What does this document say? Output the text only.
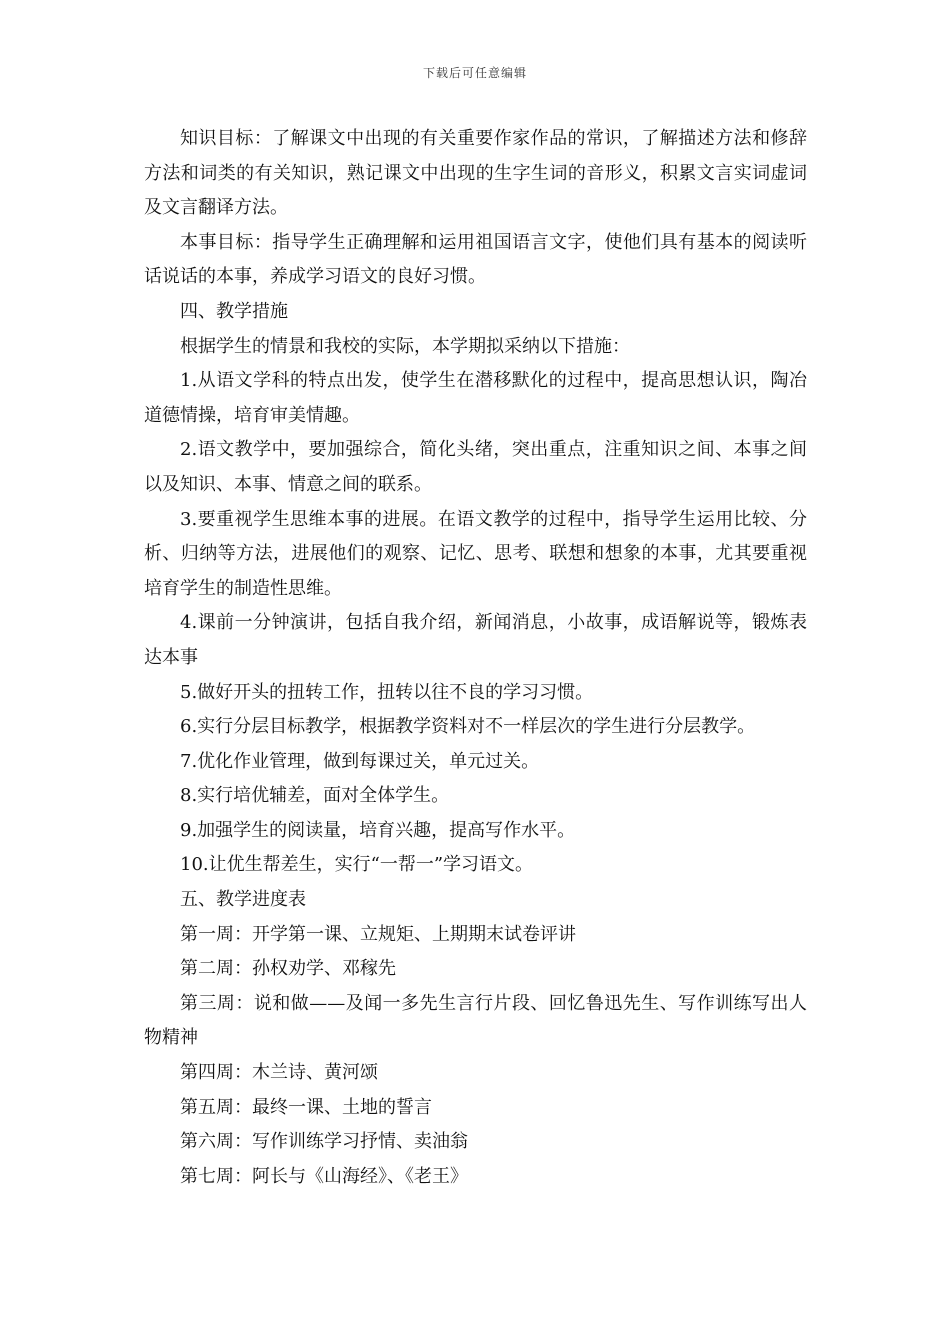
下载后可任意编辑

知识目标：了解课文中出现的有关重要作家作品的常识，了解描述方法和修辞方法和词类的有关知识，熟记课文中出现的生字生词的音形义，积累文言实词虚词及文言翻译方法。

本事目标：指导学生正确理解和运用祖国语言文字，使他们具有基本的阅读听话说话的本事，养成学习语文的良好习惯。

四、教学措施

根据学生的情景和我校的实际，本学期拟采纳以下措施：

1.从语文学科的特点出发，使学生在潜移默化的过程中，提高思想认识，陶冶道德情操，培育审美情趣。

2.语文教学中，要加强综合，简化头绪，突出重点，注重知识之间、本事之间以及知识、本事、情意之间的联系。

3.要重视学生思维本事的进展。在语文教学的过程中，指导学生运用比较、分析、归纳等方法，进展他们的观察、记忆、思考、联想和想象的本事，尤其要重视培育学生的制造性思维。

4.课前一分钟演讲，包括自我介绍，新闻消息，小故事，成语解说等，锻炼表达本事

5.做好开头的扭转工作，扭转以往不良的学习习惯。

6.实行分层目标教学，根据教学资料对不一样层次的学生进行分层教学。

7.优化作业管理，做到每课过关，单元过关。

8.实行培优辅差，面对全体学生。

9.加强学生的阅读量，培育兴趣，提高写作水平。

10.让优生帮差生，实行“一帮一”学习语文。

五、教学进度表

第一周：开学第一课、立规矩、上期期末试卷评讲

第二周：孙权劝学、邓稼先

第三周：说和做——及闻一多先生言行片段、回忆鲁迅先生、写作训练写出人物精神

第四周：木兰诗、黄河颂

第五周：最终一课、土地的誓言

第六周：写作训练学习抒情、卖油翁

第七周：阿长与《山海经》、《老王》
